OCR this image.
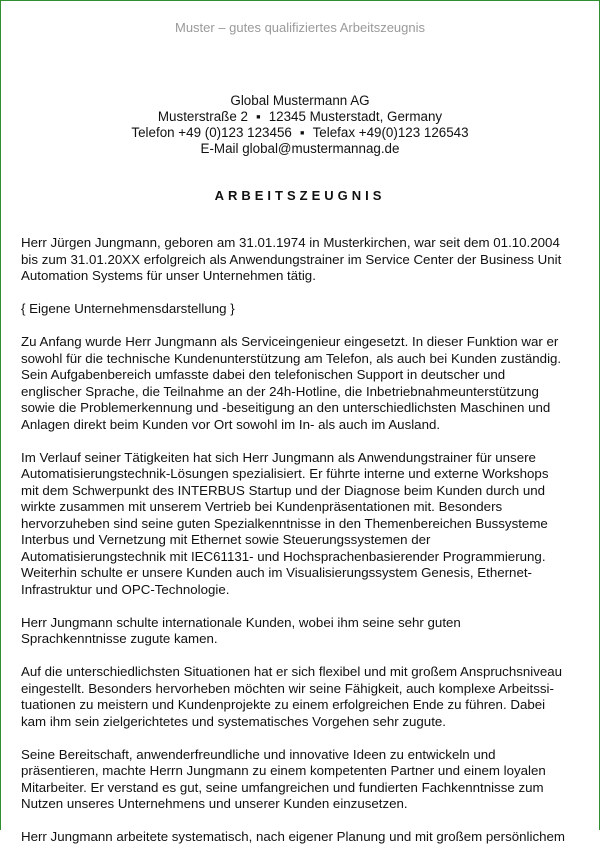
Muster – gutes qualifiziertes Arbeitszeugnis
Global Mustermann AG
Musterstraße 2 ▪ 12345 Musterstadt, Germany
Telefon +49 (0)123 123456 ▪ Telefax +49(0)123 126543
E-Mail global@mustermannag.de
ARBEITSZEUGNIS

Herr Jürgen Jungmann, geboren am 31.01.1974 in Musterkirchen, war seit dem 01.10.2004
bis zum 31.01.20XX erfolgreich als Anwendungstrainer im Service Center der Business Unit
Automation Systems für unser Unternehmen tätig.

{ Eigene Unternehmensdarstellung }

Zu Anfang wurde Herr Jungmann als Serviceingenieur eingesetzt. In dieser Funktion war er
sowohl für die technische Kundenunterstützung am Telefon, als auch bei Kunden zuständig.
Sein Aufgabenbereich umfasste dabei den telefonischen Support in deutscher und
englischer Sprache, die Teilnahme an der 24h-Hotline, die Inbetriebnahmeunterstützung
sowie die Problemerkennung und -beseitigung an den unterschiedlichsten Maschinen und
Anlagen direkt beim Kunden vor Ort sowohl im In- als auch im Ausland.

Im Verlauf seiner Tätigkeiten hat sich Herr Jungmann als Anwendungstrainer für unsere
Automatisierungstechnik-Lösungen spezialisiert. Er führte interne und externe Workshops
mit dem Schwerpunkt des INTERBUS Startup und der Diagnose beim Kunden durch und
wirkte zusammen mit unserem Vertrieb bei Kundenpräsentationen mit. Besonders
hervorzuheben sind seine guten Spezialkenntnisse in den Themenbereichen Bussysteme
Interbus und Vernetzung mit Ethernet sowie Steuerungssystemen der
Automatisierungstechnik mit IEC61131- und Hochsprachenbasierender Programmierung.
Weiterhin schulte er unsere Kunden auch im Visualisierungssystem Genesis, Ethernet-
Infrastruktur und OPC-Technologie.

Herr Jungmann schulte internationale Kunden, wobei ihm seine sehr guten
Sprachkenntnisse zugute kamen.

Auf die unterschiedlichsten Situationen hat er sich flexibel und mit großem Anspruchsniveau
eingestellt. Besonders hervorheben möchten wir seine Fähigkeit, auch komplexe Arbeitssi-
tuationen zu meistern und Kundenprojekte zu einem erfolgreichen Ende zu führen. Dabei
kam ihm sein zielgerichtetes und systematisches Vorgehen sehr zugute.

Seine Bereitschaft, anwenderfreundliche und innovative Ideen zu entwickeln und
präsentieren, machte Herrn Jungmann zu einem kompetenten Partner und einem loyalen
Mitarbeiter. Er verstand es gut, seine umfangreichen und fundierten Fachkenntnisse zum
Nutzen unseres Unternehmens und unserer Kunden einzusetzen.

Herr Jungmann arbeitete systematisch, nach eigener Planung und mit großem persönlichem
